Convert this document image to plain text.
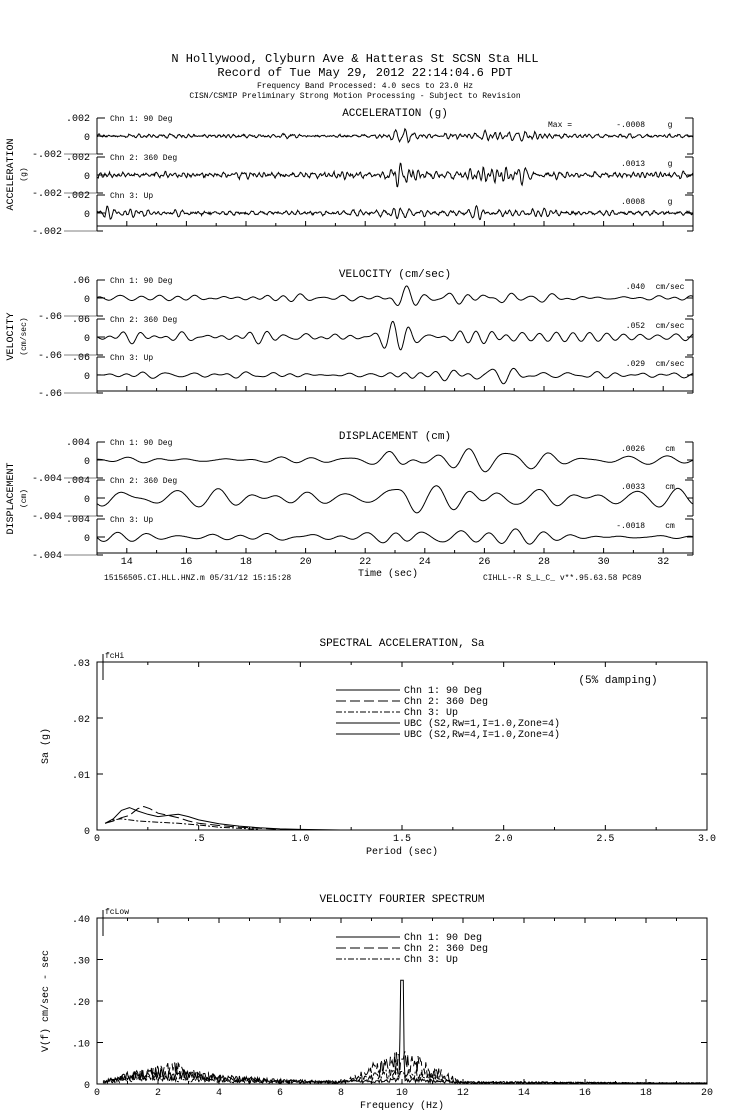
N Hollywood, Clyburn Ave & Hatteras St SCSN Sta HLL
Record of Tue May 29, 2012 22:14:04.6 PDT
Frequency Band Processed: 4.0 secs to 23.0 Hz
CISN/CSMIP Preliminary Strong Motion Processing - Subject to Revision
15156505.CI.HLL.HNZ.m 05/31/12 15:15:28	CIHLL--R S_L_C_ v**.95.63.58 PC89
ACCELERATION (g)
ACCELERATION (g)
.002
0
-.002
Chn 1: 90 Deg
Max =	-.0008	g
.002
0
-.002
Chn 2: 360 Deg
.0013	g
.002
0
-.002
Chn 3: Up
.0008	g
VELOCITY (cm/sec)
VELOCITY (cm/sec)
.06
0
-.06
Chn 1: 90 Deg
.040 cm/sec
.06
0
-.06
Chn 2: 360 Deg
.052 cm/sec
.06
0
-.06
Chn 3: Up
.029 cm/sec
DISPLACEMENT (cm)
DISPLACEMENT (cm)
.004
0
-.004
Chn 1: 90 Deg
.0026	cm
.004
0
-.004
Chn 2: 360 Deg
.0033	cm
.004
0
-.004
Chn 3: Up
-.0018	cm
14	16	18	20	22	24	26	28	30	32
Time (sec)
SPECTRAL ACCELERATION, Sa
0	.5	1.0	1.5	2.0	2.5	3.0
Period (sec)
.03
.02
.01
0
Sa (g)
fcHi
Chn 1: 90 Deg
Chn 2: 360 Deg
Chn 3: Up
UBC (S2,Rw=1,I=1.0,Zone=4)
UBC (S2,Rw=4,I=1.0,Zone=4)
(5% damping)
VELOCITY FOURIER SPECTRUM
0	2	4	6	8	10	12	14	16	18	20
Frequency (Hz)
.40
.30
.20
.10
0
V(f) cm/sec - sec
fcLow
Chn 1: 90 Deg
Chn 2: 360 Deg
Chn 3: Up
